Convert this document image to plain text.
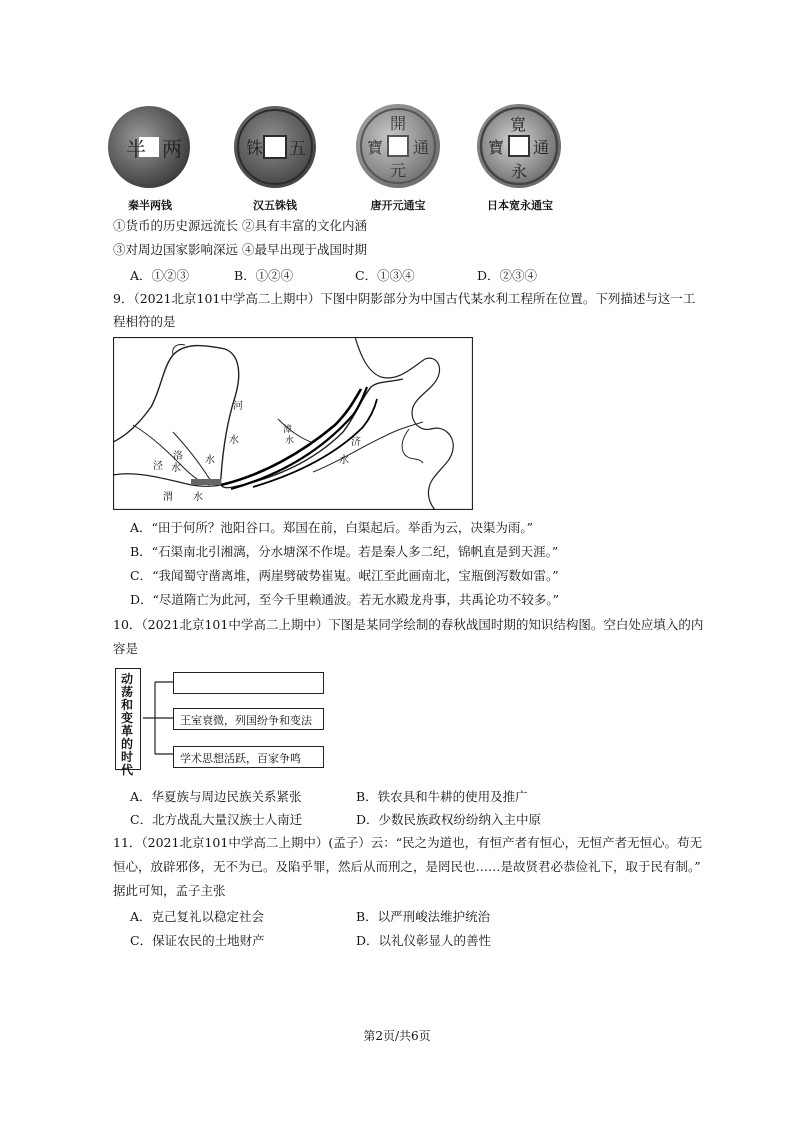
半 两	铢 五
開
元
寶 通
寛
永
寶 通
秦半两钱	汉五铢钱	唐开元通宝	日本宽永通宝
①货币的历史源远流长 ②具有丰富的文化内涵
③对周边国家影响深远 ④最早出现于战国时期
A．①②③	B．①②④	C．①③④	D．②③④
9．（2021北京101中学高二上期中）下图中阴影部分为中国古代某水利工程所在位置。下列描述与这一工
程相符的是
河
水
洛 水
泾 水
渭 水
漳
水	济
水
A．“田于何所？池阳谷口。郑国在前，白渠起后。举臿为云，决渠为雨。”
B．“石渠南北引湘漓，分水塘深不作堤。若是秦人多二纪，锦帆直是到天涯。”
C．“我闻蜀守凿离堆，两崖劈破势崔嵬。岷江至此画南北，宝瓶倒泻数如雷。”
D．“尽道隋亡为此河，至今千里赖通波。若无水殿龙舟事，共禹论功不较多。”
10．（2021北京101中学高二上期中）下图是某同学绘制的春秋战国时期的知识结构图。空白处应填入的内
容是
动荡和变革的时代
王室衰微，列国纷争和变法
学术思想活跃，百家争鸣
A．华夏族与周边民族关系紧张	B．铁农具和牛耕的使用及推广
C．北方战乱大量汉族士人南迁	D．少数民族政权纷纷纳入主中原
11．（2021北京101中学高二上期中）(孟子）云：“民之为道也，有恒产者有恒心，无恒产者无恒心。苟无
恒心，放辟邪侈，无不为已。及陷乎罪，然后从而刑之，是罔民也……是故贤君必恭俭礼下，取于民有制。”
据此可知，孟子主张
A．克己复礼以稳定社会	B．以严刑峻法维护统治
C．保证农民的土地财产	D．以礼仪彰显人的善性
第2页/共6页
